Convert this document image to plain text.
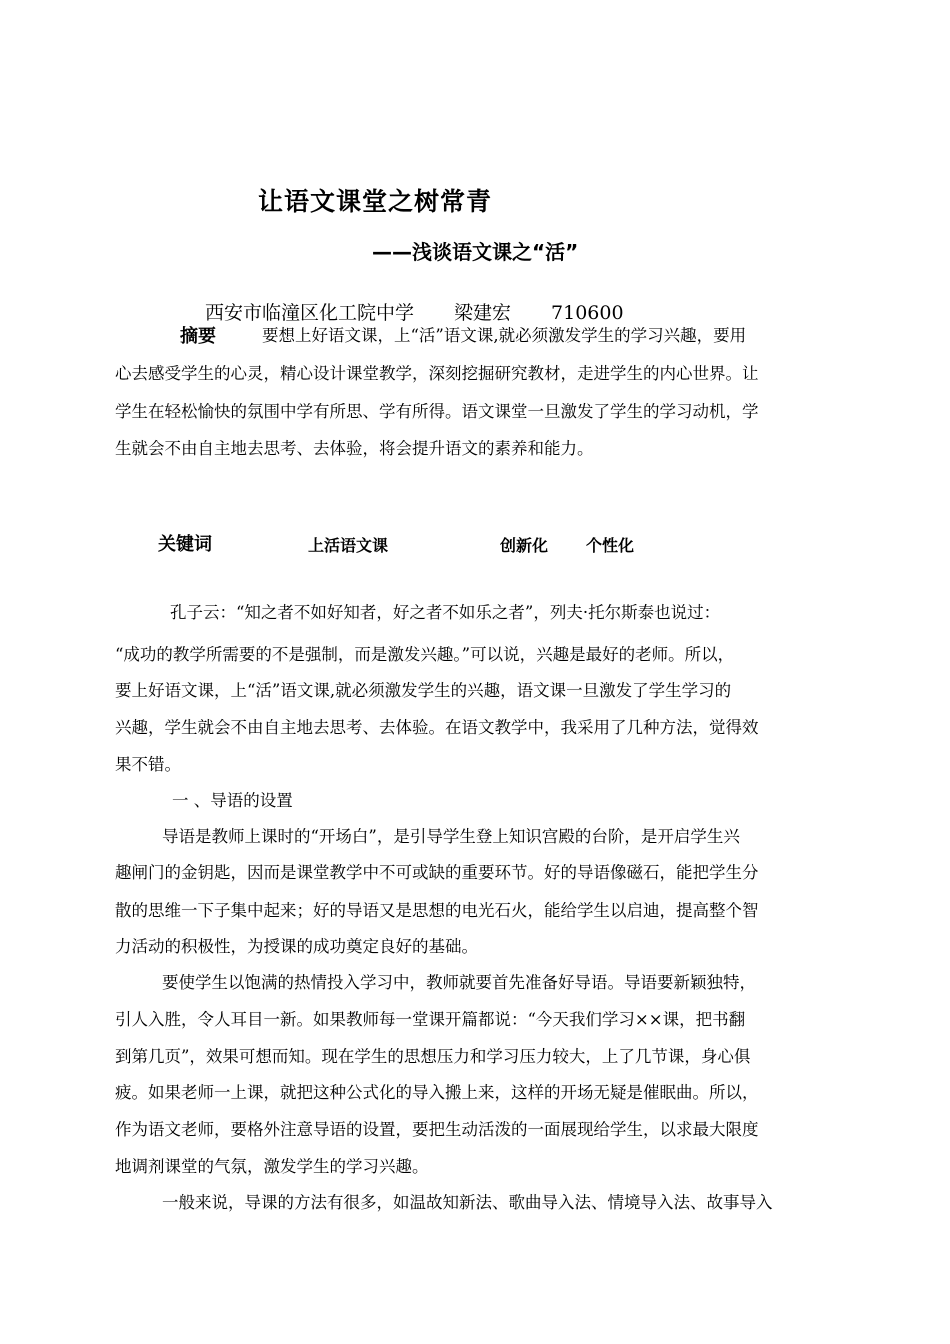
让语文课堂之树常青
——浅谈语文课之“活”
西安市临潼区化工院中学 梁建宏 710600
摘要	要想上好语文课，上“活”语文课,就必须激发学生的学习兴趣，要用
心去感受学生的心灵，精心设计课堂教学，深刻挖掘研究教材，走进学生的内心世界。让
学生在轻松愉快的氛围中学有所思、学有所得。语文课堂一旦激发了学生的学习动机，学
生就会不由自主地去思考、去体验，将会提升语文的素养和能力。
关键词	上活语文课	创新化 个性化
孔子云：“知之者不如好知者，好之者不如乐之者”，列夫·托尔斯泰也说过：
“成功的教学所需要的不是强制，而是激发兴趣。”可以说，兴趣是最好的老师。所以，
要上好语文课，上“活”语文课,就必须激发学生的兴趣，语文课一旦激发了学生学习的
兴趣，学生就会不由自主地去思考、去体验。在语文教学中，我采用了几种方法，觉得效
果不错。
一 、导语的设置
导语是教师上课时的“开场白”，是引导学生登上知识宫殿的台阶，是开启学生兴
趣闸门的金钥匙，因而是课堂教学中不可或缺的重要环节。好的导语像磁石，能把学生分
散的思维一下子集中起来；好的导语又是思想的电光石火，能给学生以启迪，提高整个智
力活动的积极性，为授课的成功奠定良好的基础。
要使学生以饱满的热情投入学习中，教师就要首先准备好导语。导语要新颖独特，
引人入胜，令人耳目一新。如果教师每一堂课开篇都说：“今天我们学习××课，把书翻
到第几页”，效果可想而知。现在学生的思想压力和学习压力较大，上了几节课，身心俱
疲。如果老师一上课，就把这种公式化的导入搬上来，这样的开场无疑是催眠曲。所以，
作为语文老师，要格外注意导语的设置，要把生动活泼的一面展现给学生，以求最大限度
地调剂课堂的气氛，激发学生的学习兴趣。
一般来说，导课的方法有很多，如温故知新法、歌曲导入法、情境导入法、故事导入
